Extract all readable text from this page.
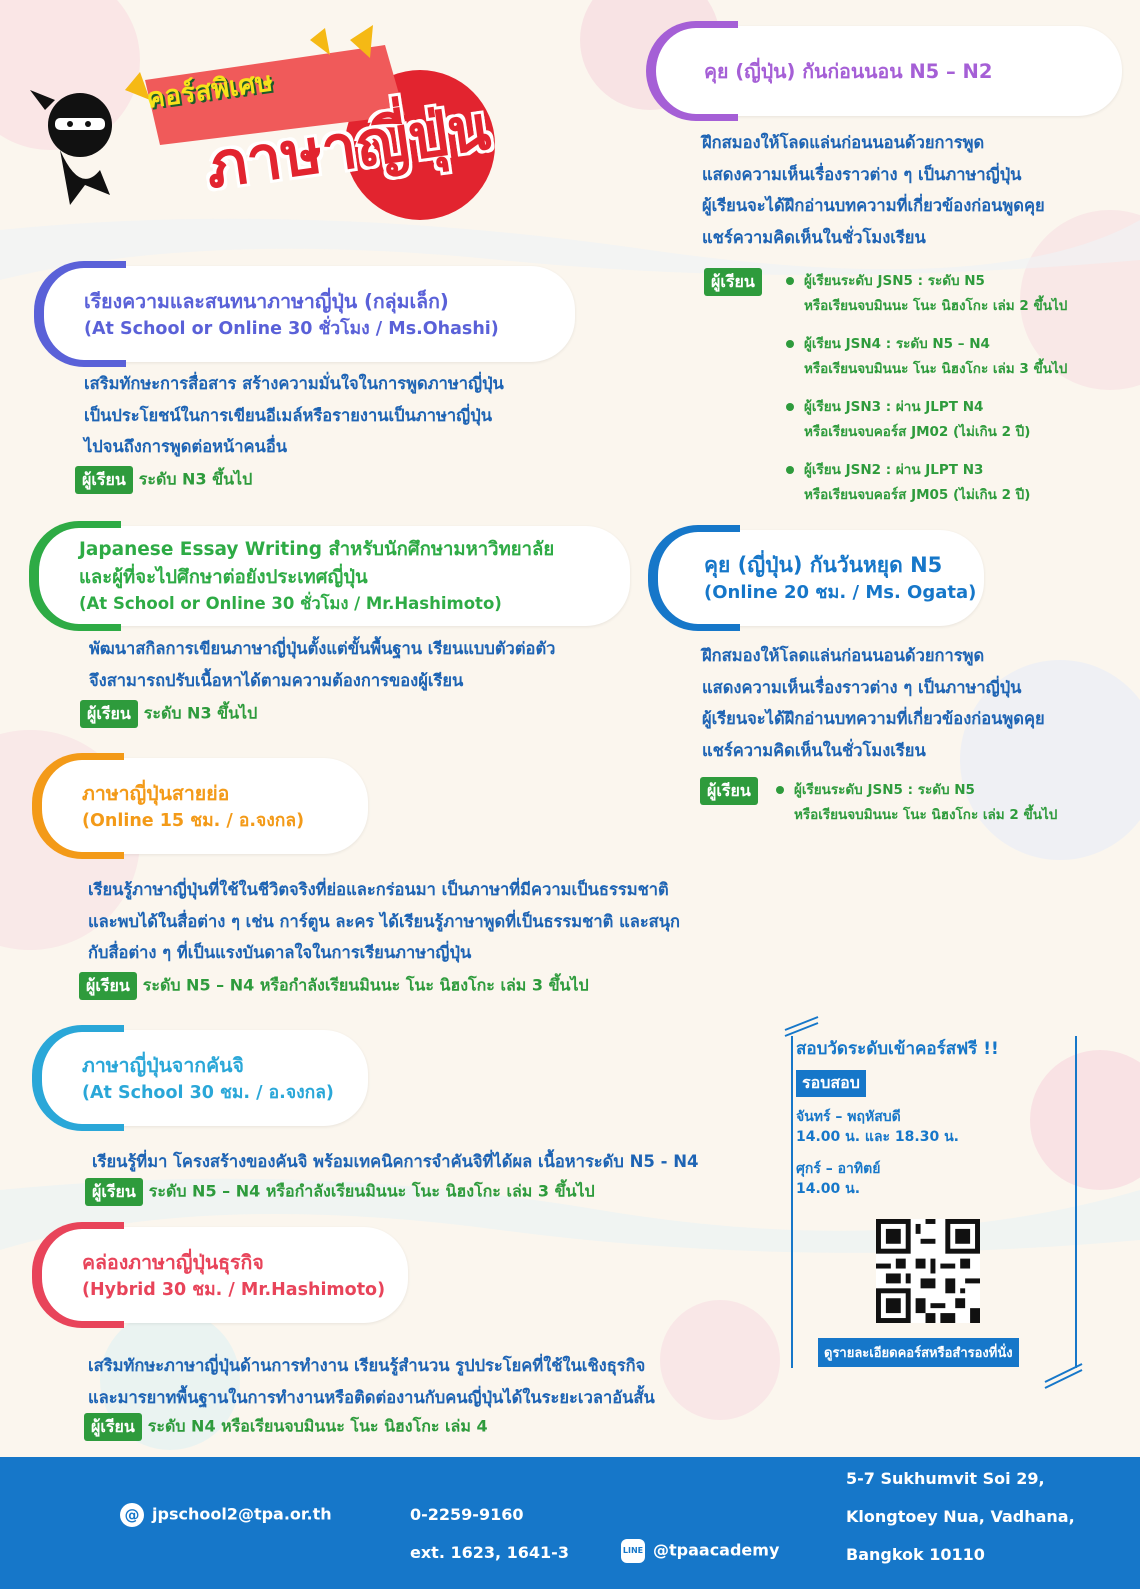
คอร์สพิเศษ
ภาษาญี่ปุ่น
เรียงความและสนทนาภาษาญี่ปุ่น (กลุ่มเล็ก)
(At School or Online 30 ชั่วโมง / Ms.Ohashi)
เสริมทักษะการสื่อสาร สร้างความมั่นใจในการพูดภาษาญี่ปุ่น
เป็นประโยชน์ในการเขียนอีเมล์หรือรายงานเป็นภาษาญี่ปุ่น
ไปจนถึงการพูดต่อหน้าคนอื่น
ผู้เรียน ระดับ N3 ขึ้นไป
Japanese Essay Writing สำหรับนักศึกษามหาวิทยาลัย
และผู้ที่จะไปศึกษาต่อยังประเทศญี่ปุ่น
(At School or Online 30 ชั่วโมง / Mr.Hashimoto)
พัฒนาสกิลการเขียนภาษาญี่ปุ่นตั้งแต่ขั้นพื้นฐาน เรียนแบบตัวต่อตัว
จึงสามารถปรับเนื้อหาได้ตามความต้องการของผู้เรียน
ผู้เรียน ระดับ N3 ขึ้นไป
ภาษาญี่ปุ่นสายย่อ
(Online 15 ชม. / อ.จงกล)
เรียนรู้ภาษาญี่ปุ่นที่ใช้ในชีวิตจริงที่ย่อและกร่อนมา เป็นภาษาที่มีความเป็นธรรมชาติ
และพบได้ในสื่อต่าง ๆ เช่น การ์ตูน ละคร ได้เรียนรู้ภาษาพูดที่เป็นธรรมชาติ และสนุก
กับสื่อต่าง ๆ ที่เป็นแรงบันดาลใจในการเรียนภาษาญี่ปุ่น
ผู้เรียน ระดับ N5 – N4 หรือกำลังเรียนมินนะ โนะ นิฮงโกะ เล่ม 3 ขึ้นไป
ภาษาญี่ปุ่นจากคันจิ
(At School 30 ชม. / อ.จงกล)
เรียนรู้ที่มา โครงสร้างของคันจิ พร้อมเทคนิคการจำคันจิที่ได้ผล เนื้อหาระดับ N5 - N4
ผู้เรียน ระดับ N5 – N4 หรือกำลังเรียนมินนะ โนะ นิฮงโกะ เล่ม 3 ขึ้นไป
คล่องภาษาญี่ปุ่นธุรกิจ
(Hybrid 30 ชม. / Mr.Hashimoto)
เสริมทักษะภาษาญี่ปุ่นด้านการทำงาน เรียนรู้สำนวน รูปประโยคที่ใช้ในเชิงธุรกิจ
และมารยาทพื้นฐานในการทำงานหรือติดต่องานกับคนญี่ปุ่นได้ในระยะเวลาอันสั้น
ผู้เรียน ระดับ N4 หรือเรียนจบมินนะ โนะ นิฮงโกะ เล่ม 4
คุย (ญี่ปุ่น) กันก่อนนอน N5 – N2
ฝึกสมองให้โลดแล่นก่อนนอนด้วยการพูด
แสดงความเห็นเรื่องราวต่าง ๆ เป็นภาษาญี่ปุ่น
ผู้เรียนจะได้ฝึกอ่านบทความที่เกี่ยวข้องก่อนพูดคุย
แชร์ความคิดเห็นในชั่วโมงเรียน
ผู้เรียน	ผู้เรียนระดับ JSN5 : ระดับ N5
หรือเรียนจบมินนะ โนะ นิฮงโกะ เล่ม 2 ขึ้นไป
ผู้เรียน JSN4 : ระดับ N5 – N4
หรือเรียนจบมินนะ โนะ นิฮงโกะ เล่ม 3 ขึ้นไป
ผู้เรียน JSN3 : ผ่าน JLPT N4
หรือเรียนจบคอร์ส JM02 (ไม่เกิน 2 ปี)
ผู้เรียน JSN2 : ผ่าน JLPT N3
หรือเรียนจบคอร์ส JM05 (ไม่เกิน 2 ปี)
คุย (ญี่ปุ่น) กันวันหยุด N5
(Online 20 ชม. / Ms. Ogata)
ฝึกสมองให้โลดแล่นก่อนนอนด้วยการพูด
แสดงความเห็นเรื่องราวต่าง ๆ เป็นภาษาญี่ปุ่น
ผู้เรียนจะได้ฝึกอ่านบทความที่เกี่ยวข้องก่อนพูดคุย
แชร์ความคิดเห็นในชั่วโมงเรียน
ผู้เรียน	ผู้เรียนระดับ JSN5 : ระดับ N5
หรือเรียนจบมินนะ โนะ นิฮงโกะ เล่ม 2 ขึ้นไป
สอบวัดระดับเข้าคอร์สฟรี !!
รอบสอบ
จันทร์ – พฤหัสบดี
14.00 น. และ 18.30 น.
ศุกร์ – อาทิตย์
14.00 น.
ดูรายละเอียดคอร์สหรือสำรองที่นั่ง
@ jpschool2@tpa.or.th	0-2259-9160
ext. 1623, 1641-3	LINE @tpaacademy
5-7 Sukhumvit Soi 29,
Klongtoey Nua, Vadhana,
Bangkok 10110
